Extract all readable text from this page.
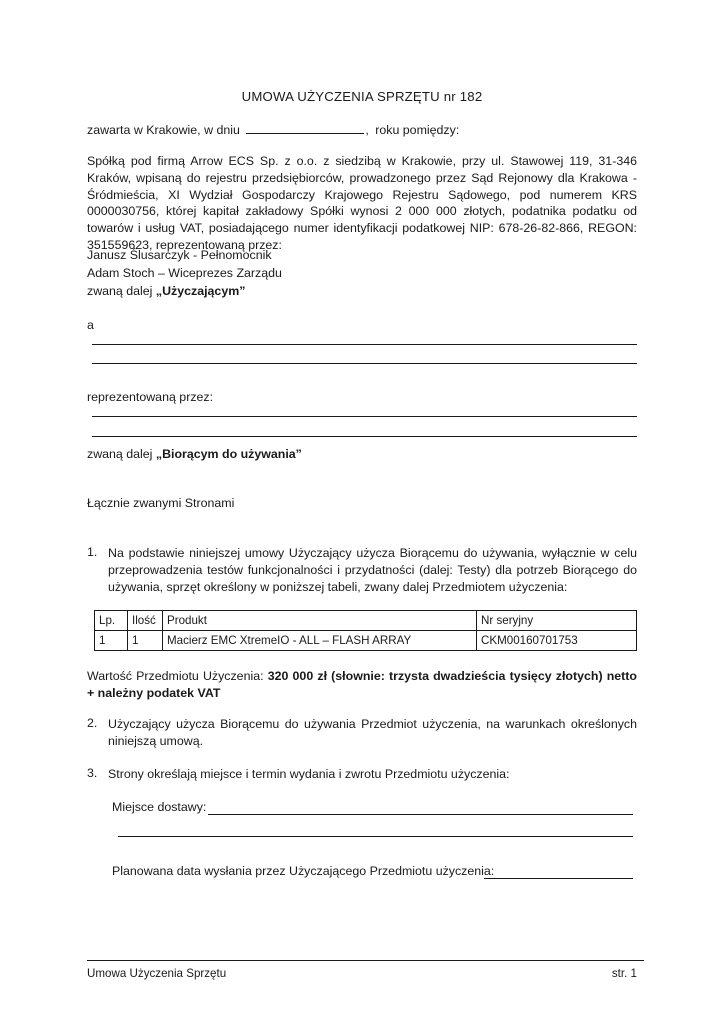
UMOWA UŻYCZENIA SPRZĘTU nr 182
zawarta w Krakowie, w dniu	, roku pomiędzy:
Spółką pod firmą Arrow ECS Sp. z o.o. z siedzibą w Krakowie, przy ul. Stawowej 119, 31-346 Kraków, wpisaną do rejestru przedsiębiorców, prowadzonego przez Sąd Rejonowy dla Krakowa - Śródmieścia, XI Wydział Gospodarczy Krajowego Rejestru Sądowego, pod numerem KRS 0000030756, której kapitał zakładowy Spółki wynosi 2 000 000 złotych, podatnika podatku od towarów i usług VAT, posiadającego numer identyfikacji podatkowej NIP: 678-26-82-866, REGON: 351559623, reprezentowaną przez:
Janusz Ślusarczyk - Pełnomocnik
Adam Stoch – Wiceprezes Zarządu
zwaną dalej „Użyczającym”
a
reprezentowaną przez:
zwaną dalej „Biorącym do używania”
Łącznie zwanymi Stronami
1. Na podstawie niniejszej umowy Użyczający użycza Biorącemu do używania, wyłącznie w celu przeprowadzenia testów funkcjonalności i przydatności (dalej: Testy) dla potrzeb Biorącego do używania, sprzęt określony w poniższej tabeli, zwany dalej Przedmiotem użyczenia:
Lp.	Ilość	Produkt	Nr seryjny
1	1	Macierz EMC XtremeIO - ALL – FLASH ARRAY	CKM00160701753
Wartość Przedmiotu Użyczenia: 320 000 zł (słownie: trzysta dwadzieścia tysięcy złotych) netto + należny podatek VAT
2. Użyczający użycza Biorącemu do używania Przedmiot użyczenia, na warunkach określonych niniejszą umową.
3. Strony określają miejsce i termin wydania i zwrotu Przedmiotu użyczenia:
Miejsce dostawy:
Planowana data wysłania przez Użyczającego Przedmiotu użyczenia:
Umowa Użyczenia Sprzętu	str. 1
